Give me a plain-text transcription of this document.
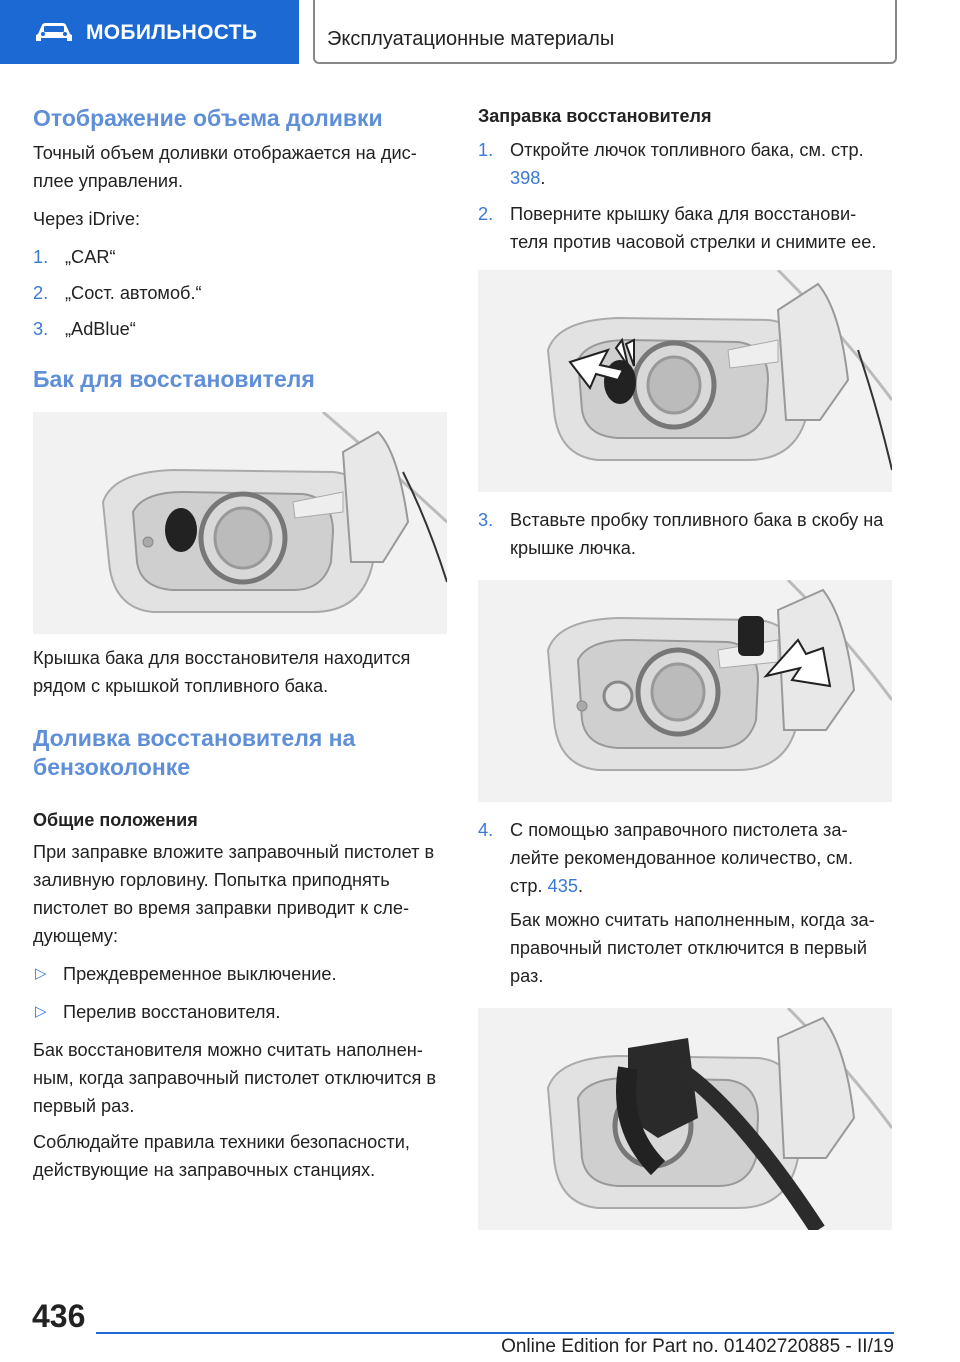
МОБИЛЬНОСТЬ	Эксплуатационные материалы
Отображение объема доливки

Точный объем доливки отображается на дис-плее управления.

Через iDrive:

1. „CAR“
2. „Сост. автомоб.“
3. „AdBlue“
Бак для восстановителя

Крышка бака для восстановителя находится рядом с крышкой топливного бака.

Доливка восстановителя на бензоколонке
Общие положения

При заправке вложите заправочный пистолет в заливную горловину. Попытка приподнять пистолет во время заправки приводит к сле-дующему:

▷ Преждевременное выключение.
▷ Перелив восстановителя.

Бак восстановителя можно считать наполнен-ным, когда заправочный пистолет отключится в первый раз.

Соблюдайте правила техники безопасности, действующие на заправочных станциях.

Заправка восстановителя
1. Откройте лючок топливного бака, см. стр. 398.
2. Поверните крышку бака для восстанови-теля против часовой стрелки и снимите ее.
3. Вставьте пробку топливного бака в скобу на крышке лючка.
4. С помощью заправочного пистолета за-лейте рекомендованное количество, см. стр. 435.

Бак можно считать наполненным, когда за-правочный пистолет отключится в первый раз.

436
Online Edition for Part no. 01402720885 - II/19
